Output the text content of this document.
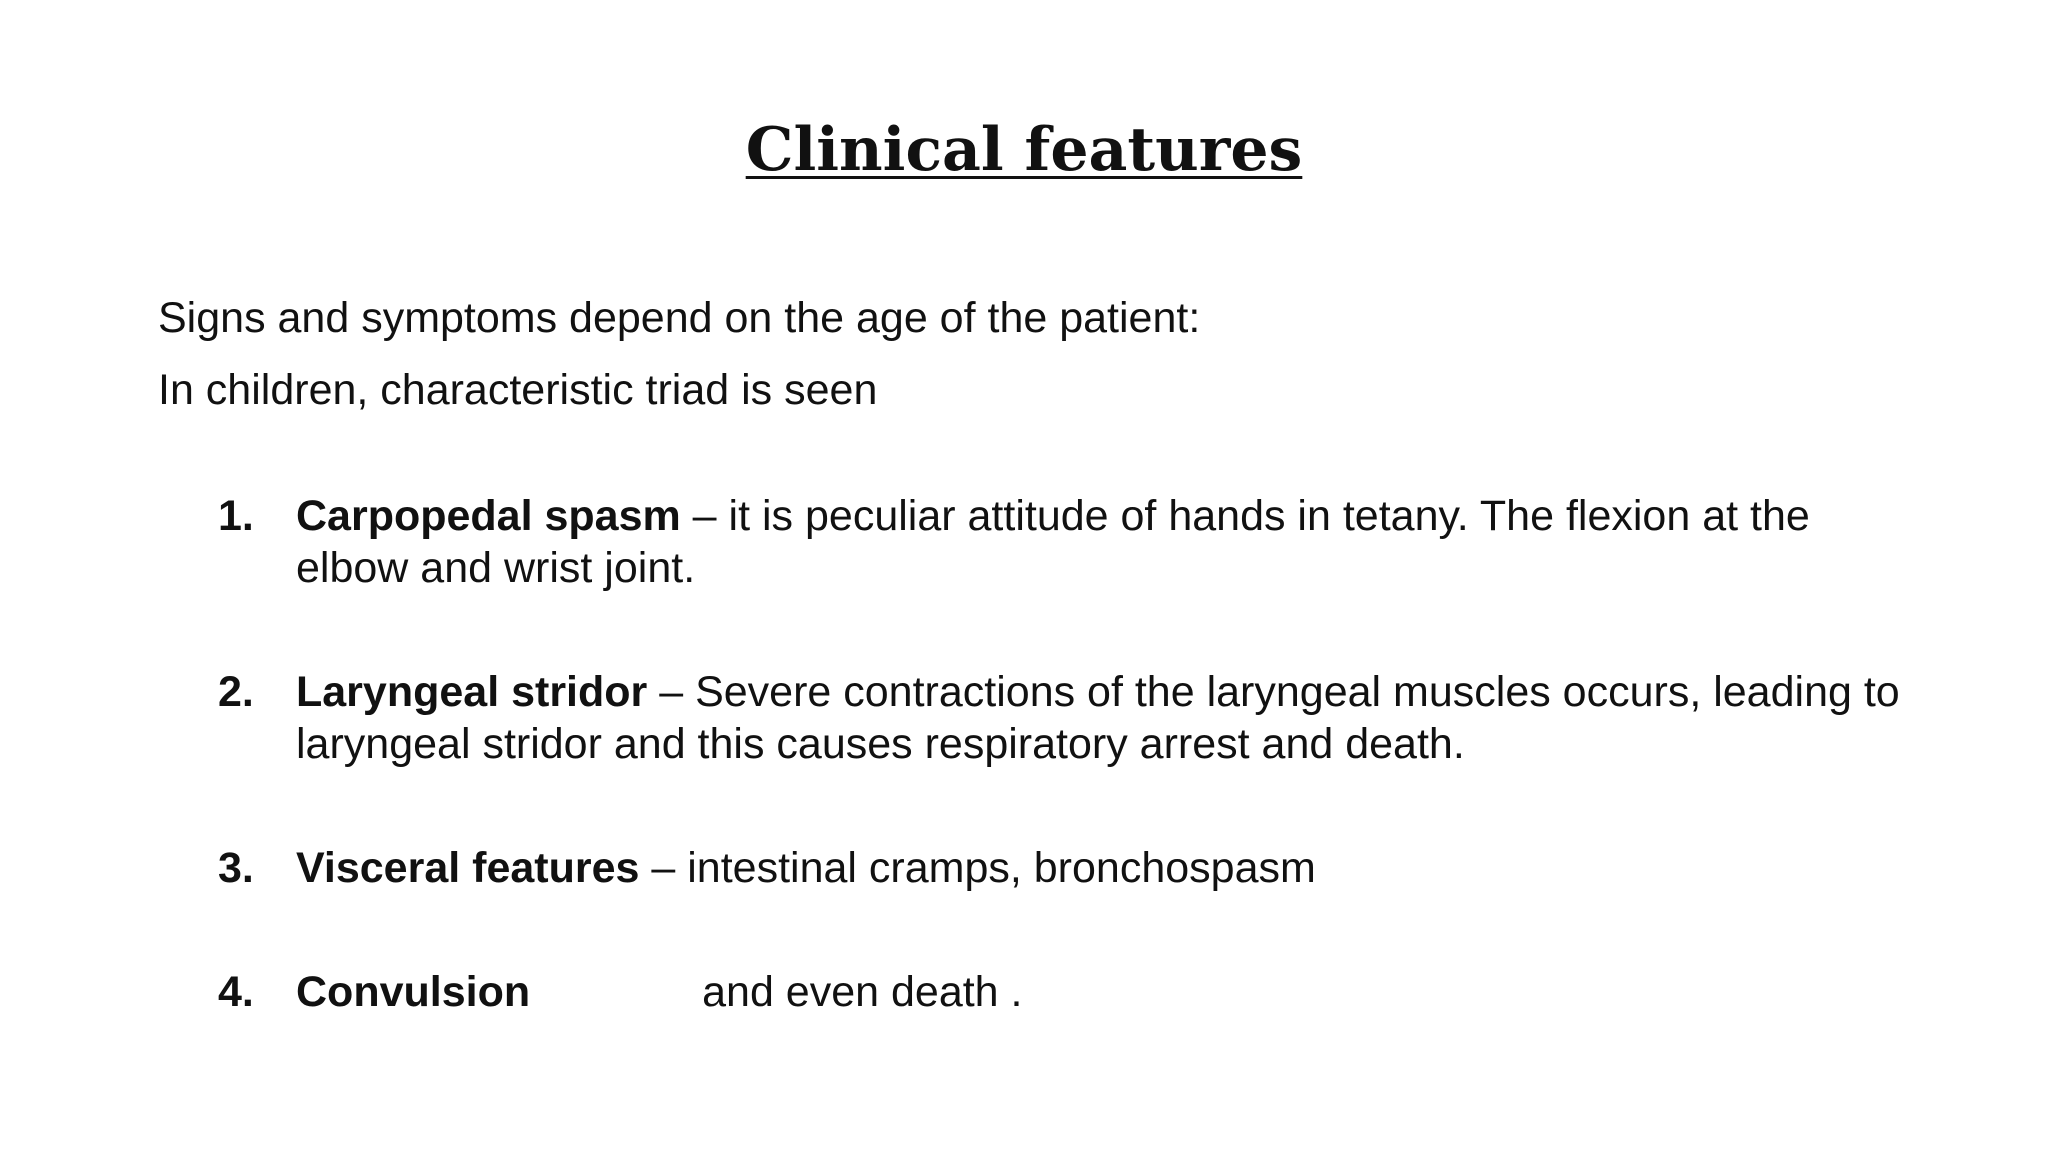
Clinical features

Signs and symptoms depend on the age of the patient:

In children, characteristic triad is seen

1. Carpopedal spasm – it is peculiar attitude of hands in tetany. The flexion at the elbow and wrist joint.
2. Laryngeal stridor – Severe contractions of the laryngeal muscles occurs, leading to laryngeal stridor and this causes respiratory arrest and death.
3. Visceral features – intestinal cramps, bronchospasm
4. Convulsion	and even death .
